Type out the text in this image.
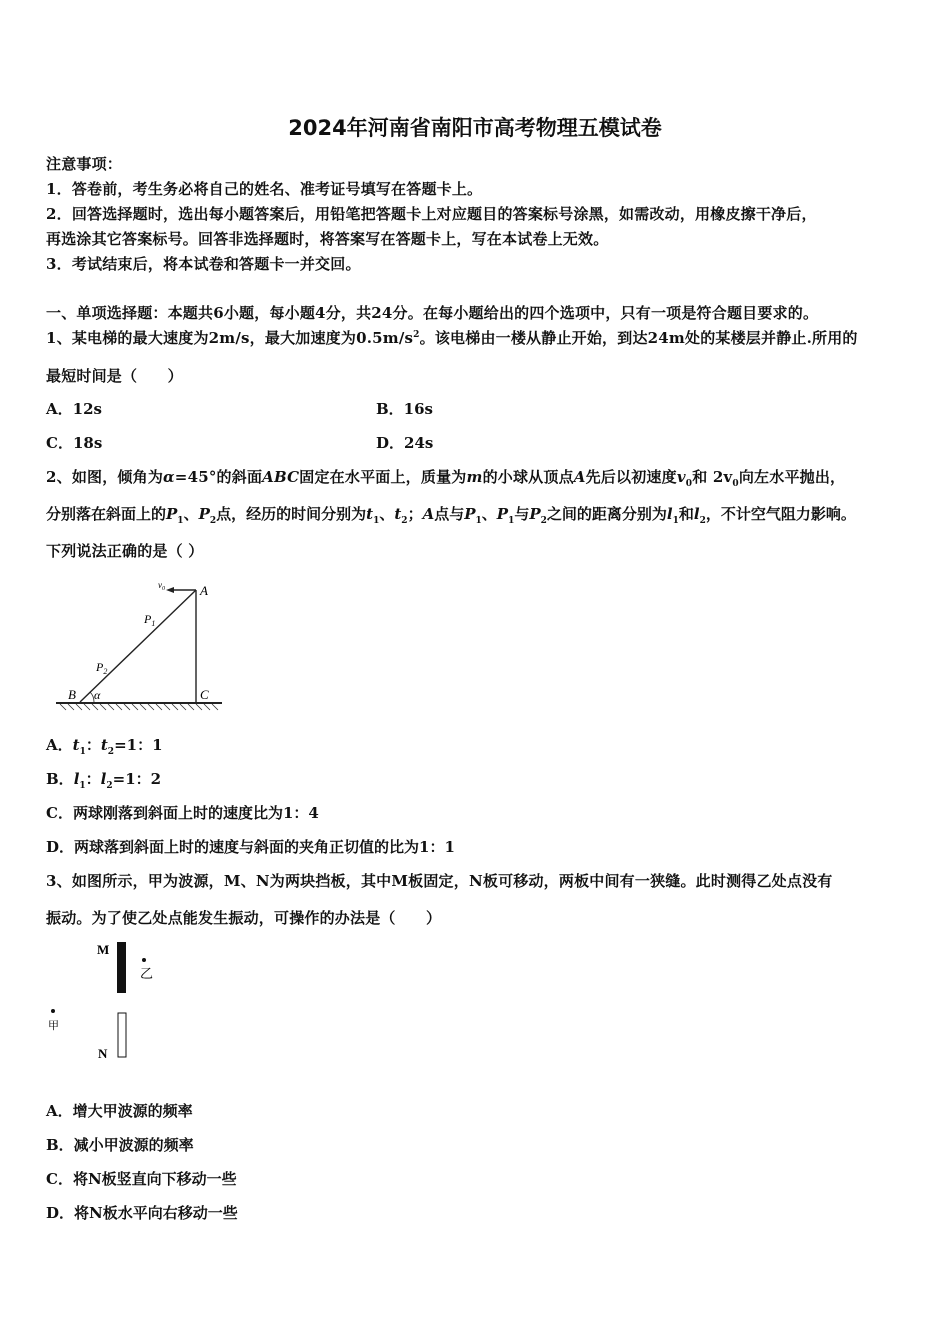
2024年河南省南阳市高考物理五模试卷
注意事项：
1．答卷前，考生务必将自己的姓名、准考证号填写在答题卡上。
2．回答选择题时，选出每小题答案后，用铅笔把答题卡上对应题目的答案标号涂黑，如需改动，用橡皮擦干净后，
再选涂其它答案标号。回答非选择题时，将答案写在答题卡上，写在本试卷上无效。
3．考试结束后，将本试卷和答题卡一并交回。
一、单项选择题：本题共6小题，每小题4分，共24分。在每小题给出的四个选项中，只有一项是符合题目要求的。
1、某电梯的最大速度为2m/s，最大加速度为$0.5m/s^2$。该电梯由一楼从静止开始，到达24m处的某楼层并静止.所用的
最短时间是（　　）
A．12s	B．16s
C．18s	D．24s
2、如图，倾角为α=45°的斜面ABC固定在水平面上，质量为m的小球从顶点A先后以初速度$v_0$和 $2v_0$向左水平抛出，
分别落在斜面上的$P_1$、$P_2$点，经历的时间分别为$t_1$、$t_2$；A点与$P_1$、$P_1$与$P_2$之间的距离分别为$l_1$和$l_2$，不计空气阻力影响。
下列说法正确的是（ ）
$v_0$	A
$P_1$
$P_2$
B α	C
A．$t_1$：$t_2=1$：1
B．$l_1$：$l_2=1$：2
C．两球刚落到斜面上时的速度比为1：4
D．两球落到斜面上时的速度与斜面的夹角正切值的比为1：1
3、如图所示，甲为波源，M、N为两块挡板，其中M板固定，N板可移动，两板中间有一狭缝。此时测得乙处点没有
振动。为了使乙处点能发生振动，可操作的办法是（　　）
M
乙
甲
N
A．增大甲波源的频率
B．减小甲波源的频率
C．将N板竖直向下移动一些
D．将N板水平向右移动一些
